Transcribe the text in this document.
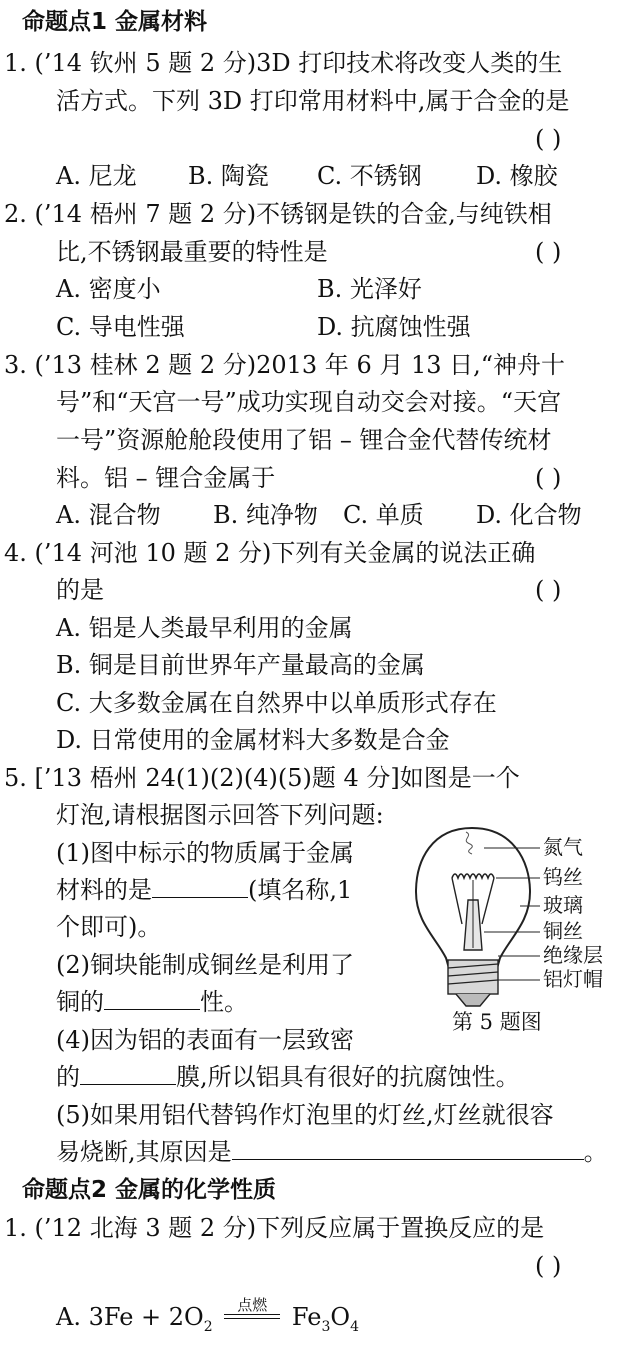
命题点1 金属材料
1. (’14 钦州 5 题 2 分)3D 打印技术将改变人类的生
活方式。下列 3D 打印常用材料中,属于合金的是
( )
A. 尼龙 B. 陶瓷 C. 不锈钢 D. 橡胶
2. (’14 梧州 7 题 2 分)不锈钢是铁的合金,与纯铁相
比,不锈钢最重要的特性是	( )
A. 密度小	B. 光泽好
C. 导电性强	D. 抗腐蚀性强
3. (’13 桂林 2 题 2 分)2013 年 6 月 13 日,“神舟十
号”和“天宫一号”成功实现自动交会对接。“天宫
一号”资源舱舱段使用了铝 – 锂合金代替传统材
料。铝 – 锂合金属于	( )
A. 混合物 B. 纯净物 C. 单质 D. 化合物
4. (’14 河池 10 题 2 分)下列有关金属的说法正确
的是	( )
A. 铝是人类最早利用的金属
B. 铜是目前世界年产量最高的金属
C. 大多数金属在自然界中以单质形式存在
D. 日常使用的金属材料大多数是合金
5. [’13 梧州 24(1)(2)(4)(5)题 4 分]如图是一个
灯泡,请根据图示回答下列问题:
(1)图中标示的物质属于金属
材料的是	(填名称,1
个即可)。
(2)铜块能制成铜丝是利用了
铜的	性。
(4)因为铝的表面有一层致密
的	膜,所以铝具有很好的抗腐蚀性。
(5)如果用铝代替钨作灯泡里的灯丝,灯丝就很容
易烧断,其原因是	。
氮气
钨丝
玻璃
铜丝
绝缘层
铝灯帽
第 5 题图
命题点2 金属的化学性质
1. (’12 北海 3 题 2 分)下列反应属于置换反应的是
( )
A. $3Fe + 2O_2$
点燃	$Fe_3O_4$
